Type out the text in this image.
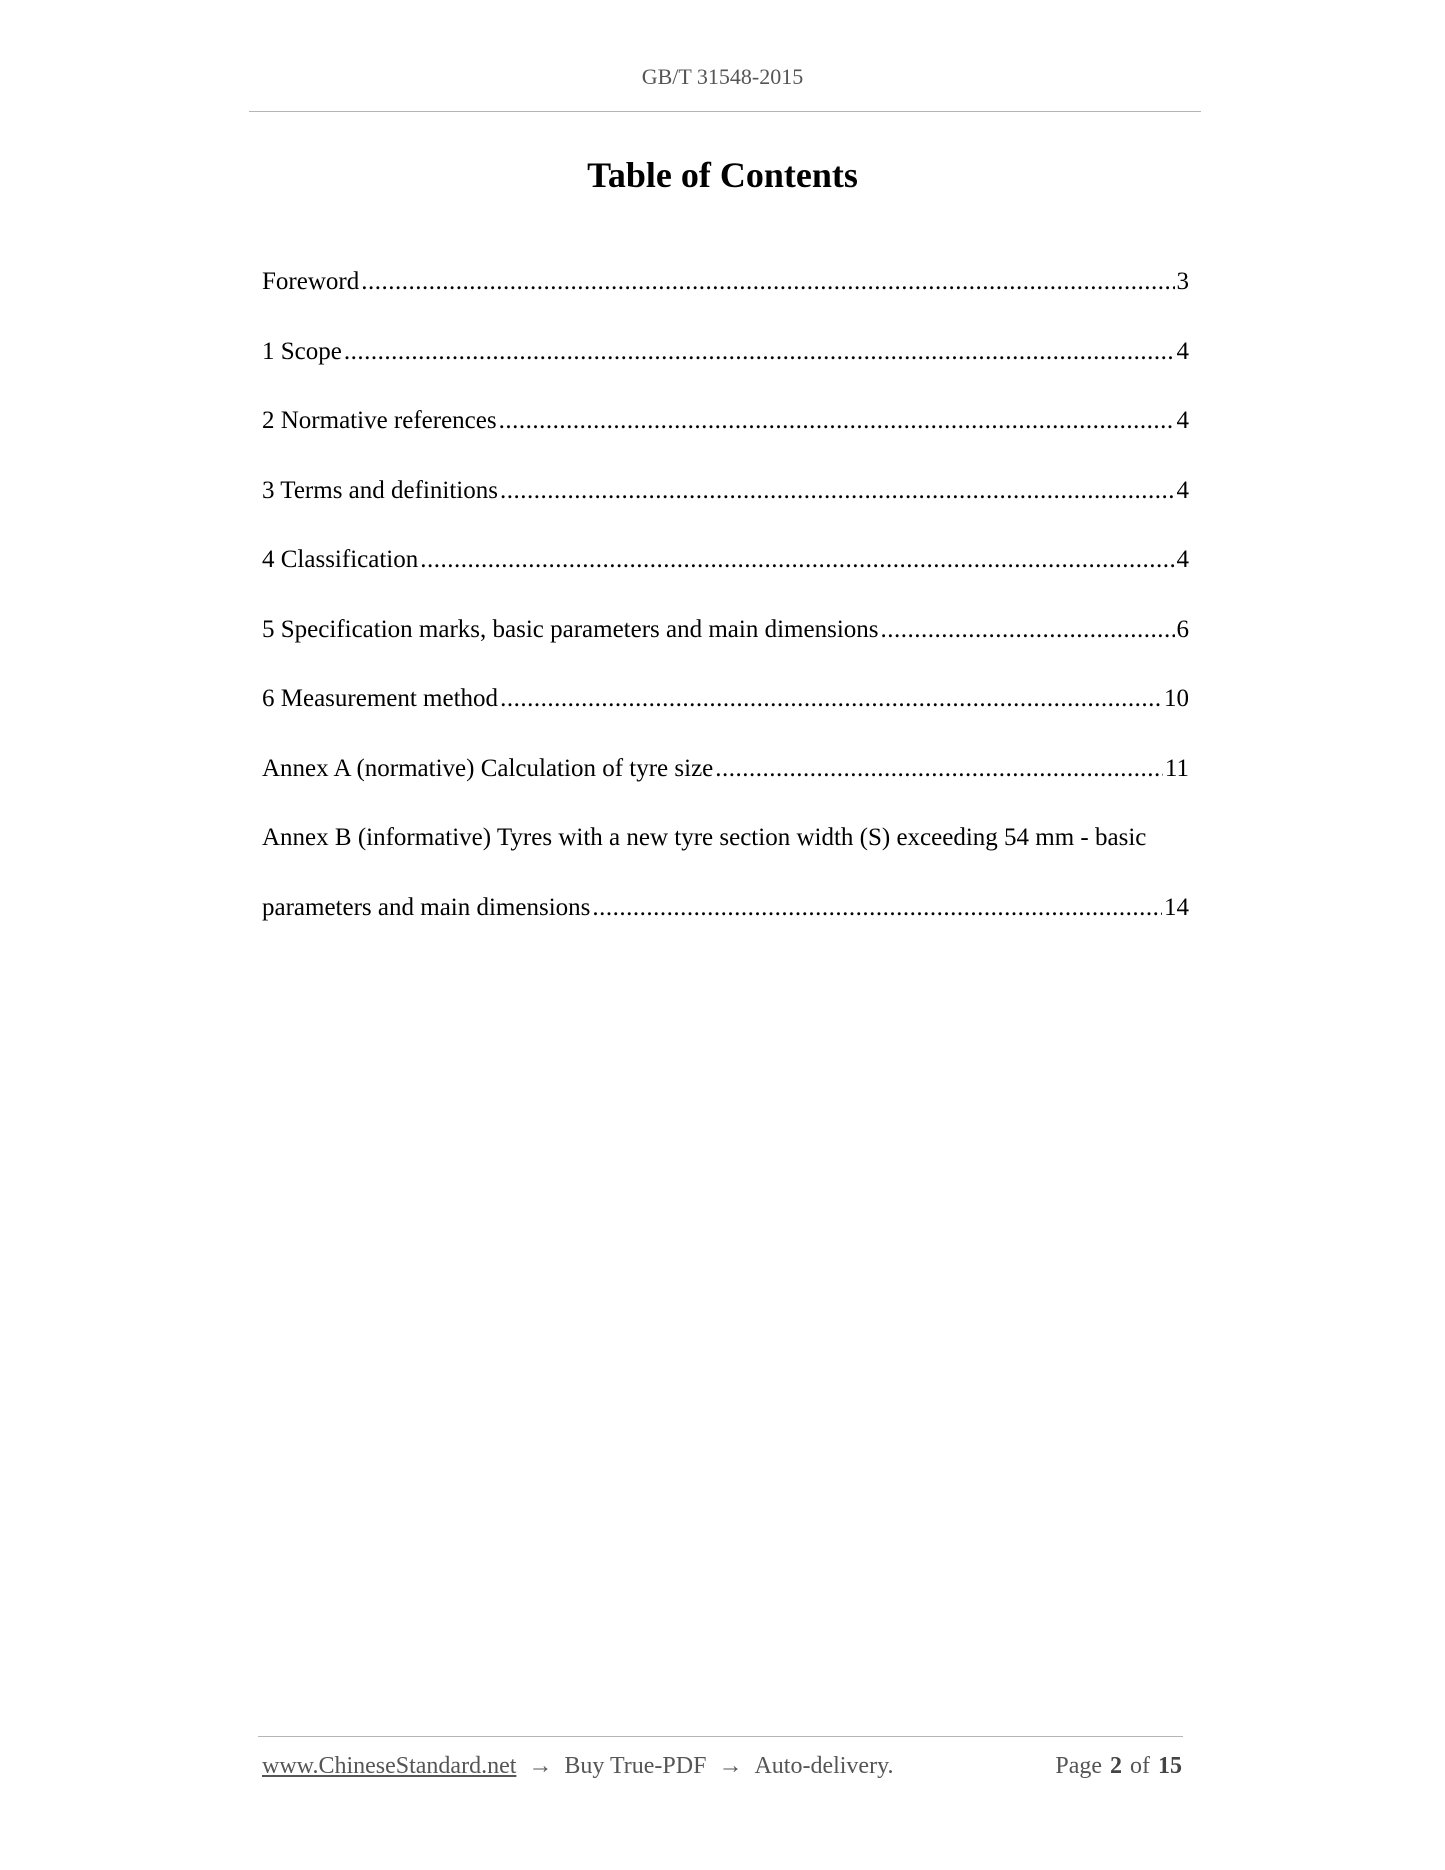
GB/T 31548-2015
Table of Contents
Foreword .....	3
1 Scope .....	4
2 Normative references .....	4
3 Terms and definitions .....	4
4 Classification .....	4
5 Specification marks, basic parameters and main dimensions .....	6
6 Measurement method .....	10
Annex A (normative) Calculation of tyre size .....	11
Annex B (informative) Tyres with a new tyre section width (S) exceeding 54 mm - basic
parameters and main dimensions .....	14
www.ChineseStandard.net → Buy True-PDF → Auto-delivery.	Page 2 of 15
